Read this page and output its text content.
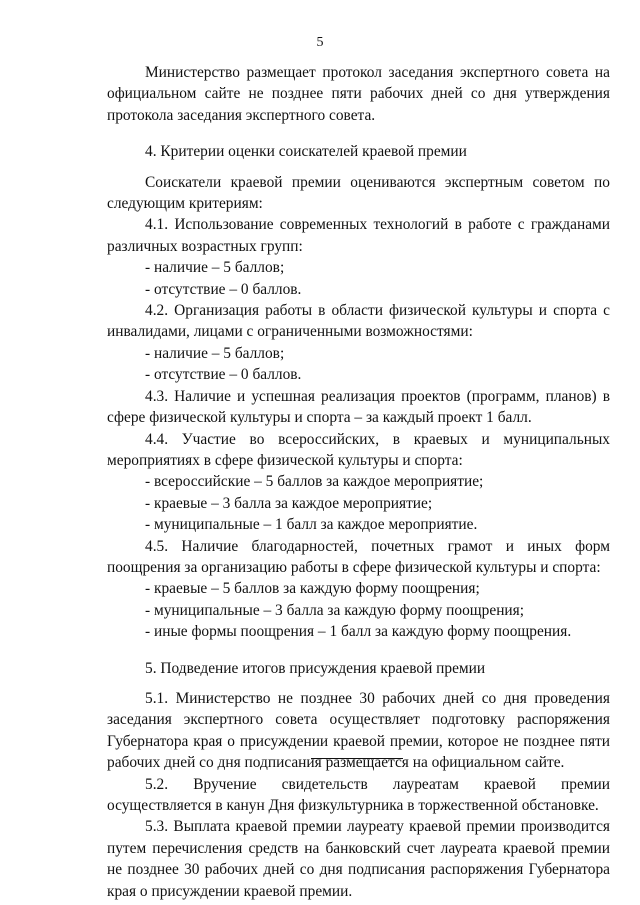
5

Министерство размещает протокол заседания экспертного совета на официальном сайте не позднее пяти рабочих дней со дня утверждения протокола заседания экспертного совета.

4. Критерии оценки соискателей краевой премии

Соискатели краевой премии оцениваются экспертным советом по следующим критериям:

4.1. Использование современных технологий в работе с гражданами различных возрастных групп:

- наличие – 5 баллов;

- отсутствие – 0 баллов.

4.2. Организация работы в области физической культуры и спорта с инвалидами, лицами с ограниченными возможностями:

- наличие – 5 баллов;

- отсутствие – 0 баллов.

4.3. Наличие и успешная реализация проектов (программ, планов) в сфере физической культуры и спорта – за каждый проект 1 балл.

4.4. Участие во всероссийских, в краевых и муниципальных мероприятиях в сфере физической культуры и спорта:

- всероссийские – 5 баллов за каждое мероприятие;

- краевые – 3 балла за каждое мероприятие;

- муниципальные – 1 балл за каждое мероприятие.

4.5. Наличие благодарностей, почетных грамот и иных форм поощрения за организацию работы в сфере физической культуры и спорта:

- краевые – 5 баллов за каждую форму поощрения;

- муниципальные – 3 балла за каждую форму поощрения;

- иные формы поощрения – 1 балл за каждую форму поощрения.

5. Подведение итогов присуждения краевой премии

5.1. Министерство не позднее 30 рабочих дней со дня проведения заседания экспертного совета осуществляет подготовку распоряжения Губернатора края о присуждении краевой премии, которое не позднее пяти рабочих дней со дня подписания размещается на официальном сайте.

5.2. Вручение свидетельств лауреатам краевой премии осуществляется в канун Дня физкультурника в торжественной обстановке.

5.3. Выплата краевой премии лауреату краевой премии производится путем перечисления средств на банковский счет лауреата краевой премии не позднее 30 рабочих дней со дня подписания распоряжения Губернатора края о присуждении краевой премии.
